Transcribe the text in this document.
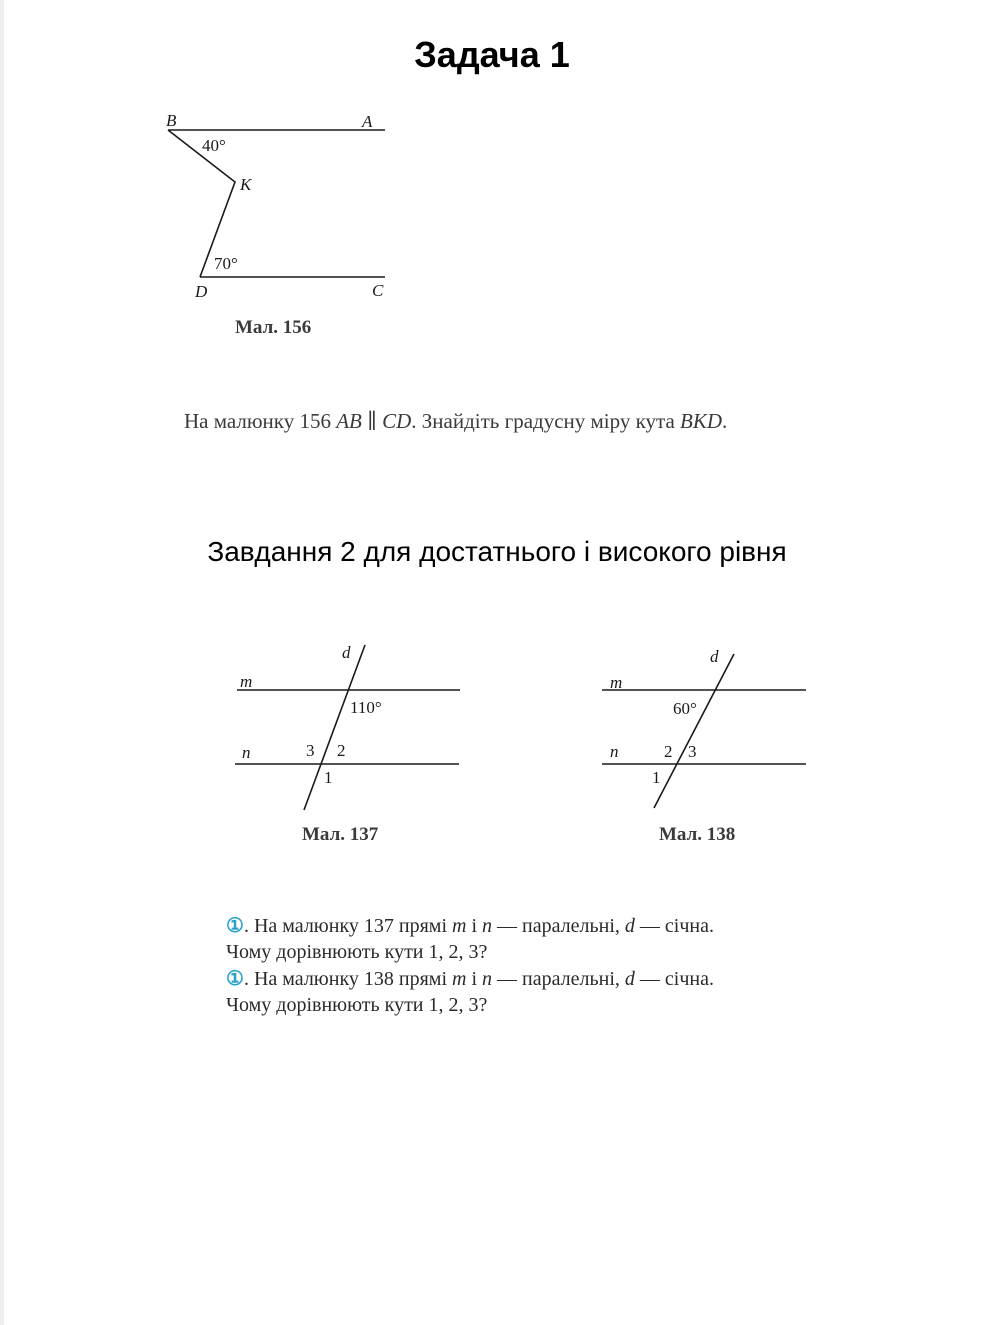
Задача 1
B	A
40°
K
70°
D	C
Мал. 156

На малюнку 156 AB ∥ CD. Знайдіть градусну міру кута BKD.

Завдання 2 для достатнього і високого рівня
d
m
110°
n	3 2
1
Мал. 137
d
m
60°
n	2 3
1
Мал. 138
①. На малюнку 137 прямі m і n — паралельні, d — січна.
Чому дорівнюють кути 1, 2, 3?
①. На малюнку 138 прямі m і n — паралельні, d — січна.
Чому дорівнюють кути 1, 2, 3?
